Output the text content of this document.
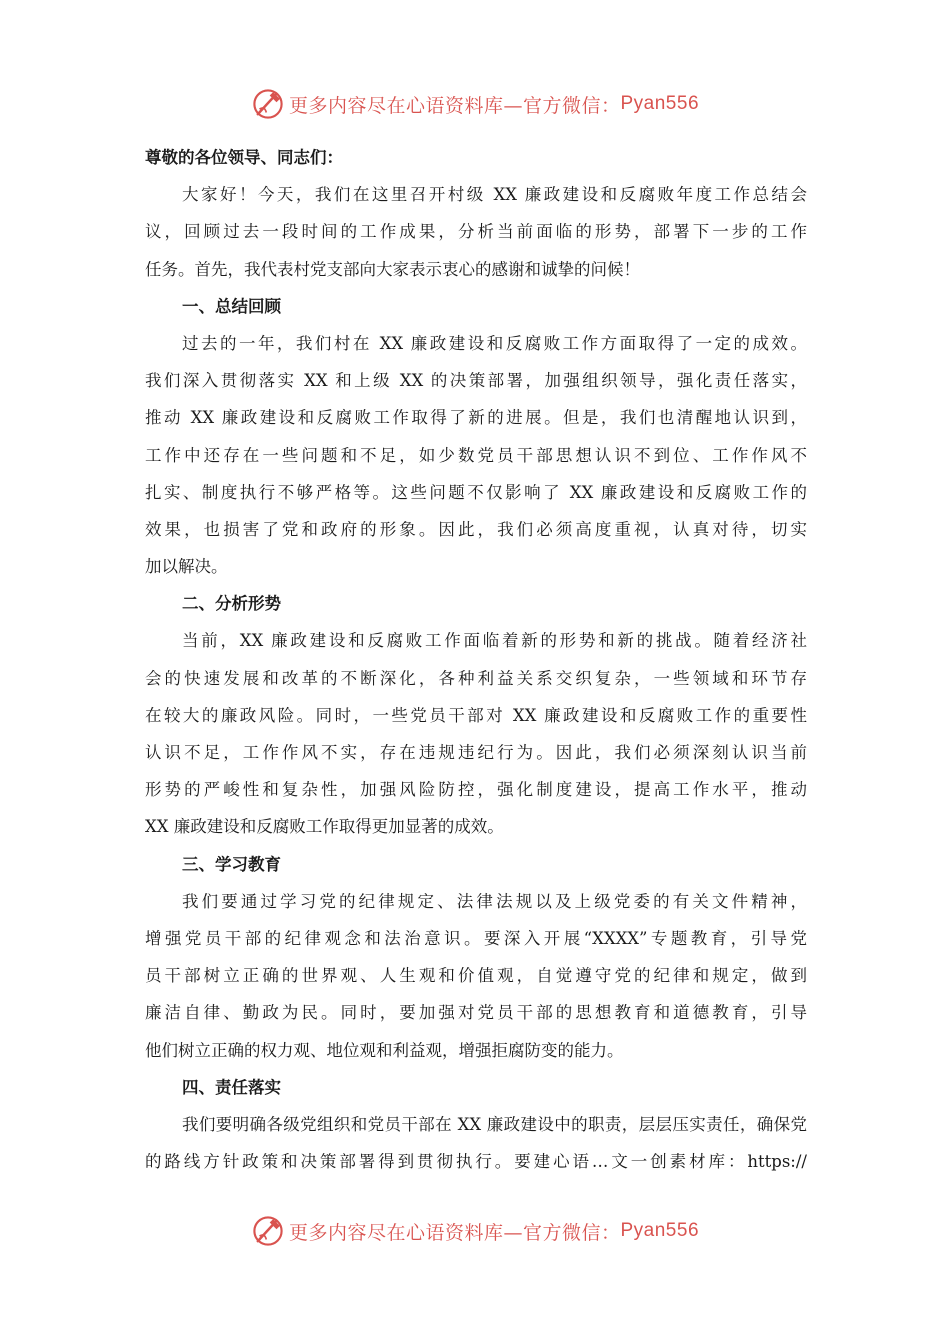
更多内容尽在心语资料库—官方微信： Pyan556
尊敬的各位领导、同志们：
大家好！今天，我们在这里召开村级 XX 廉政建设和反腐败年度工作总结会
议，回顾过去一段时间的工作成果，分析当前面临的形势，部署下一步的工作
任务。首先，我代表村党支部向大家表示衷心的感谢和诚挚的问候！
一、总结回顾
过去的一年，我们村在 XX 廉政建设和反腐败工作方面取得了一定的成效。
我们深入贯彻落实 XX 和上级 XX 的决策部署，加强组织领导，强化责任落实，
推动 XX 廉政建设和反腐败工作取得了新的进展。但是，我们也清醒地认识到，
工作中还存在一些问题和不足，如少数党员干部思想认识不到位、工作作风不
扎实、制度执行不够严格等。这些问题不仅影响了 XX 廉政建设和反腐败工作的
效果，也损害了党和政府的形象。因此，我们必须高度重视，认真对待，切实
加以解决。
二、分析形势
当前，XX 廉政建设和反腐败工作面临着新的形势和新的挑战。随着经济社
会的快速发展和改革的不断深化，各种利益关系交织复杂，一些领域和环节存
在较大的廉政风险。同时，一些党员干部对 XX 廉政建设和反腐败工作的重要性
认识不足，工作作风不实，存在违规违纪行为。因此，我们必须深刻认识当前
形势的严峻性和复杂性，加强风险防控，强化制度建设，提高工作水平，推动
XX 廉政建设和反腐败工作取得更加显著的成效。
三、学习教育
我们要通过学习党的纪律规定、法律法规以及上级党委的有关文件精神，
增强党员干部的纪律观念和法治意识。要深入开展“XXXX”专题教育，引导党
员干部树立正确的世界观、人生观和价值观，自觉遵守党的纪律和规定，做到
廉洁自律、勤政为民。同时，要加强对党员干部的思想教育和道德教育，引导
他们树立正确的权力观、地位观和利益观，增强拒腐防变的能力。
四、责任落实
我们要明确各级党组织和党员干部在 XX 廉政建设中的职责，层层压实责任，确保党
的路线方针政策和决策部署得到贯彻执行。要建心语…文一创素材库：https://
更多内容尽在心语资料库—官方微信： Pyan556
